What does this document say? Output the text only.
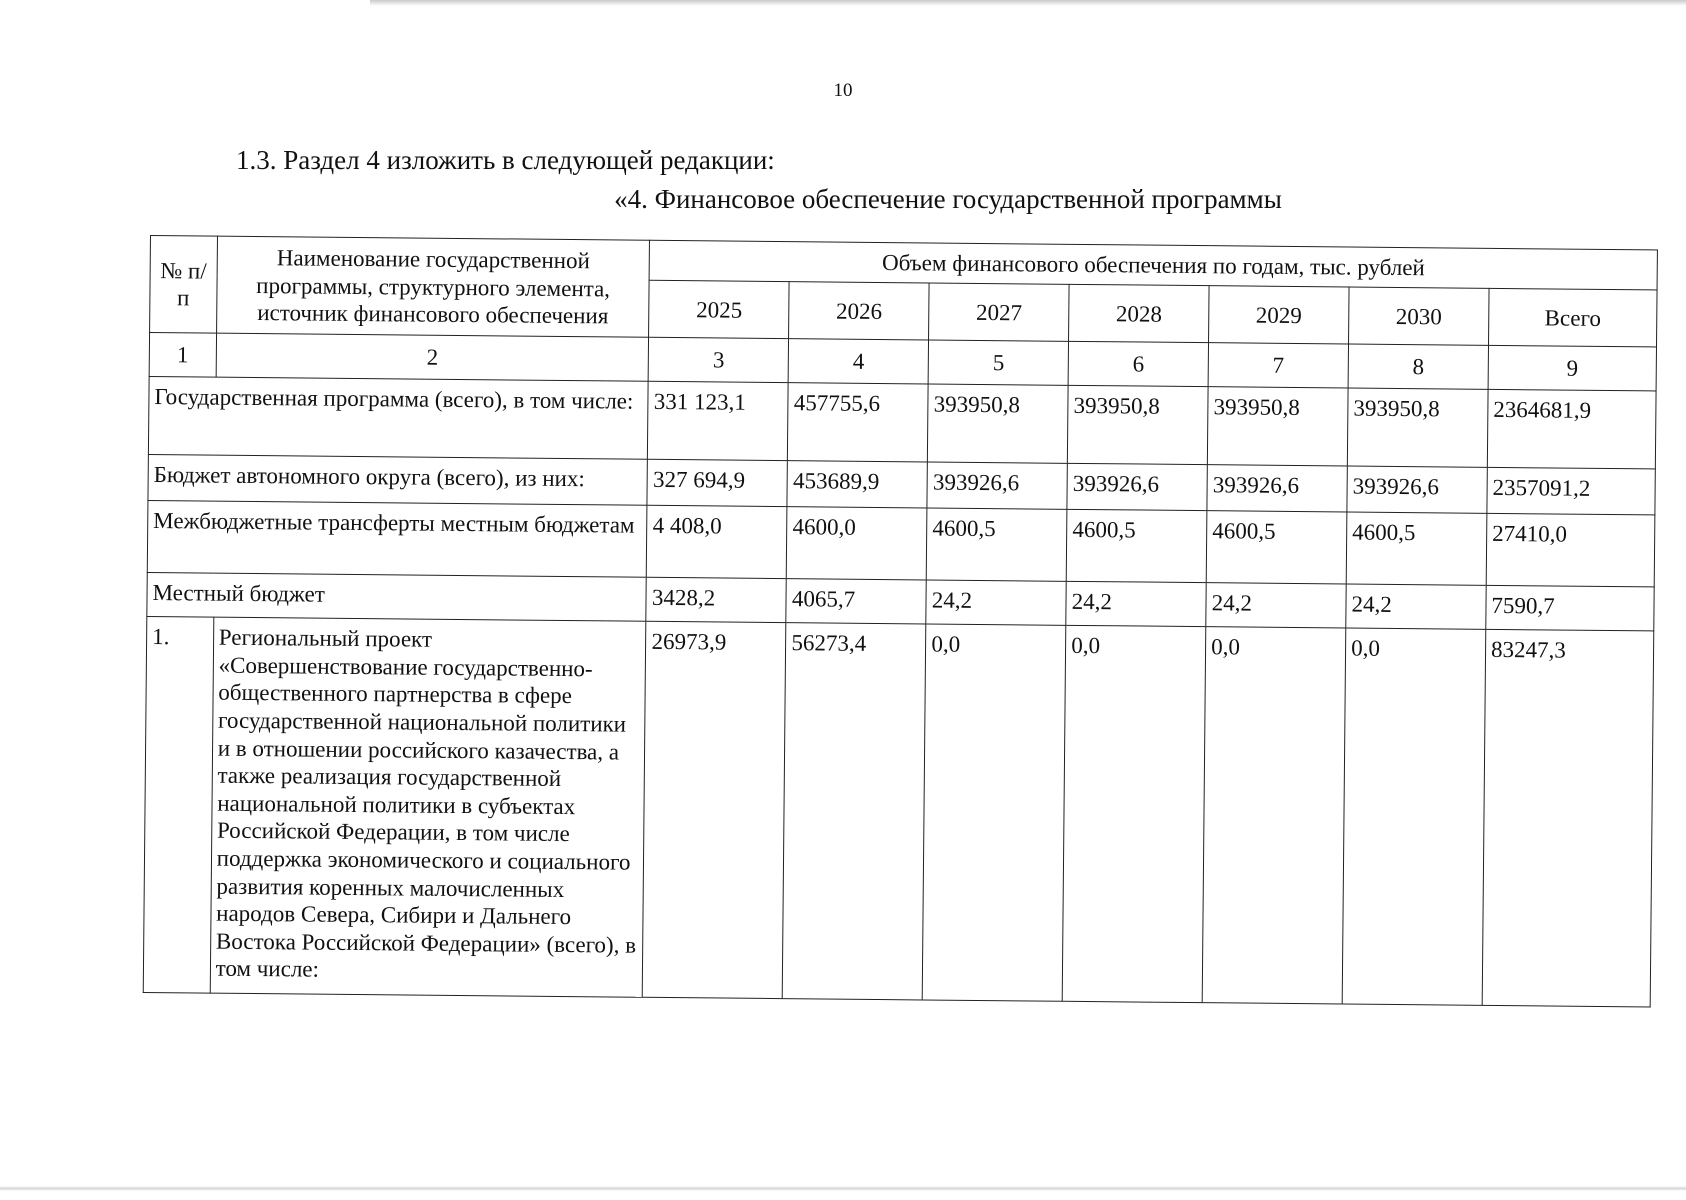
10
1.3. Раздел 4 изложить в следующей редакции:
«4. Финансовое обеспечение государственной программы
№ п/п	Наименование государственной программы, структурного элемента, источник финансового обеспечения	Объем финансового обеспечения по годам, тыс. рублей						
		2025	2026	2027	2028	2029	2030	Всего
1	2	3	4	5	6	7	8	9
Государственная программа (всего), в том числе:		331 123,1	457755,6	393950,8	393950,8	393950,8	393950,8	2364681,9
Бюджет автономного округа (всего), из них:		327 694,9	453689,9	393926,6	393926,6	393926,6	393926,6	2357091,2
Межбюджетные трансферты местным бюджетам		4 408,0	4600,0	4600,5	4600,5	4600,5	4600,5	27410,0
Местный бюджет		3428,2	4065,7	24,2	24,2	24,2	24,2	7590,7
1.	Региональный проект «Совершенствование государственно-общественного партнерства в сфере государственной национальной политики и в отношении российского казачества, а также реализация государственной национальной политики в субъектах Российской Федерации, в том числе поддержка экономического и социального развития коренных малочисленных народов Севера, Сибири и Дальнего Востока Российской Федерации» (всего), в том числе:	26973,9	56273,4	0,0	0,0	0,0	0,0	83247,3
